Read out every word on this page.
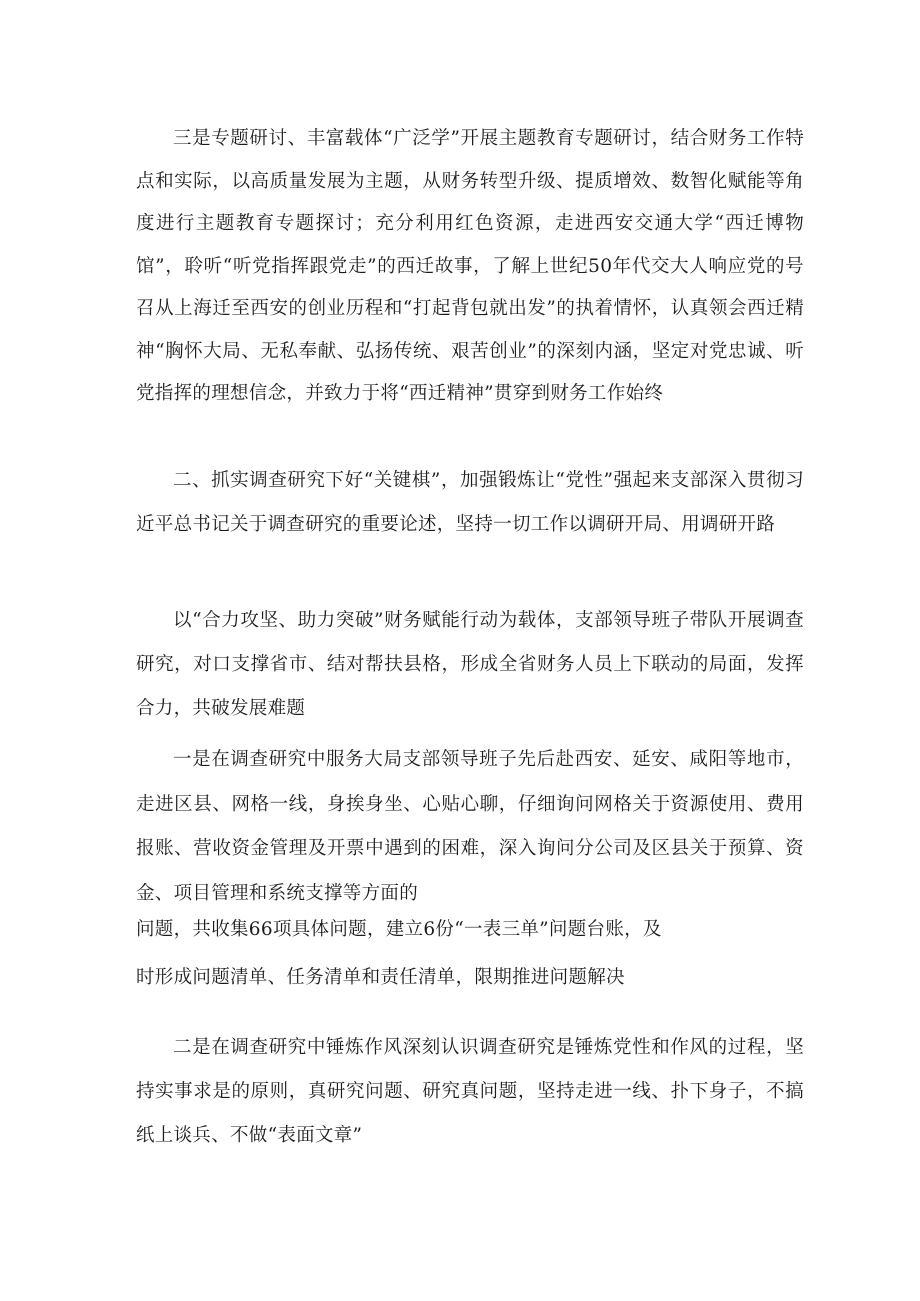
三是专题研讨、丰富载体“广泛学”开展主题教育专题研讨，结合财务工作特点和实际，以高质量发展为主题，从财务转型升级、提质增效、数智化赋能等角度进行主题教育专题探讨；充分利用红色资源，走进西安交通大学“西迁博物馆”，聆听“听党指挥跟党走”的西迁故事，了解上世纪50年代交大人响应党的号召从上海迁至西安的创业历程和“打起背包就出发”的执着情怀，认真领会西迁精神“胸怀大局、无私奉献、弘扬传统、艰苦创业”的深刻内涵，坚定对党忠诚、听党指挥的理想信念，并致力于将“西迁精神”贯穿到财务工作始终

二、抓实调查研究下好“关键棋”，加强锻炼让“党性”强起来支部深入贯彻习近平总书记关于调查研究的重要论述，坚持一切工作以调研开局、用调研开路

以“合力攻坚、助力突破”财务赋能行动为载体，支部领导班子带队开展调查研究，对口支撑省市、结对帮扶县格，形成全省财务人员上下联动的局面，发挥合力，共破发展难题

一是在调查研究中服务大局支部领导班子先后赴西安、延安、咸阳等地市，走进区县、网格一线，身挨身坐、心贴心聊，仔细询问网格关于资源使用、费用报账、营收资金管理及开票中遇到的困难，深入询问分公司及区县关于预算、资金、项目管理和系统支撑等方面的

问题，共收集66项具体问题，建立6份“一表三单”问题台账，及

时形成问题清单、任务清单和责任清单，限期推进问题解决

二是在调查研究中锤炼作风深刻认识调查研究是锤炼党性和作风的过程，坚持实事求是的原则，真研究问题、研究真问题，坚持走进一线、扑下身子，不搞纸上谈兵、不做“表面文章”
